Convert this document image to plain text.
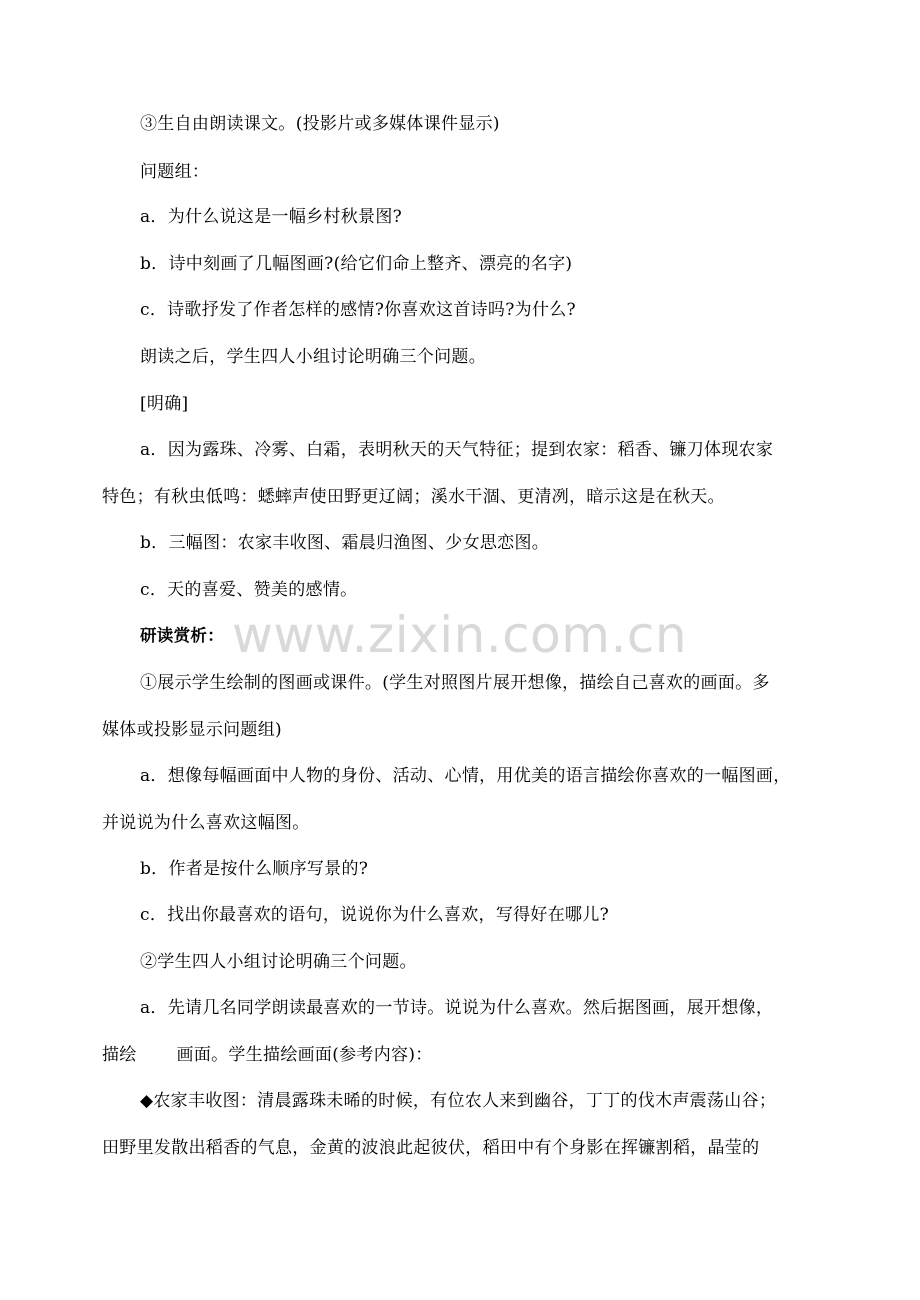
www.zixin.com.cn
③生自由朗读课文。(投影片或多媒体课件显示)
问题组：
a．为什么说这是一幅乡村秋景图?
b．诗中刻画了几幅图画?(给它们命上整齐、漂亮的名字)
c．诗歌抒发了作者怎样的感情?你喜欢这首诗吗?为什么?
朗读之后，学生四人小组讨论明确三个问题。
[明确]
a．因为露珠、冷雾、白霜，表明秋天的天气特征；提到农家：稻香、镰刀体现农家
特色；有秋虫低鸣：蟋蟀声使田野更辽阔；溪水干涸、更清冽，暗示这是在秋天。
b．三幅图：农家丰收图、霜晨归渔图、少女思恋图。
c．天的喜爱、赞美的感情。
研读赏析：
①展示学生绘制的图画或课件。(学生对照图片展开想像，描绘自己喜欢的画面。多
媒体或投影显示问题组)
a．想像每幅画面中人物的身份、活动、心情，用优美的语言描绘你喜欢的一幅图画，
并说说为什么喜欢这幅图。
b．作者是按什么顺序写景的?
c．找出你最喜欢的语句，说说你为什么喜欢，写得好在哪儿?
②学生四人小组讨论明确三个问题。
a．先请几名同学朗读最喜欢的一节诗。说说为什么喜欢。然后据图画，展开想像，
描绘       画面。学生描绘画面(参考内容)：
◆农家丰收图：清晨露珠未晞的时候，有位农人来到幽谷，丁丁的伐木声震荡山谷；
田野里发散出稻香的气息，金黄的波浪此起彼伏，稻田中有个身影在挥镰割稻，晶莹的
